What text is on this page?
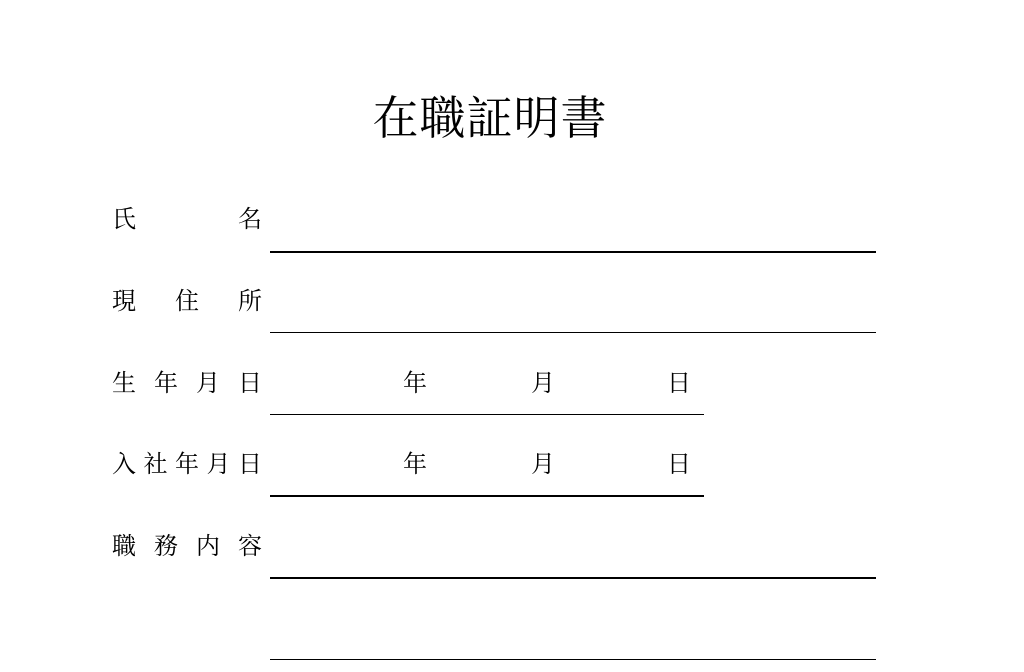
在職証明書
氏	名
現 住 所
生 年 月 日	年	月	日
入 社 年 月 日	年	月	日
職 務 内 容
